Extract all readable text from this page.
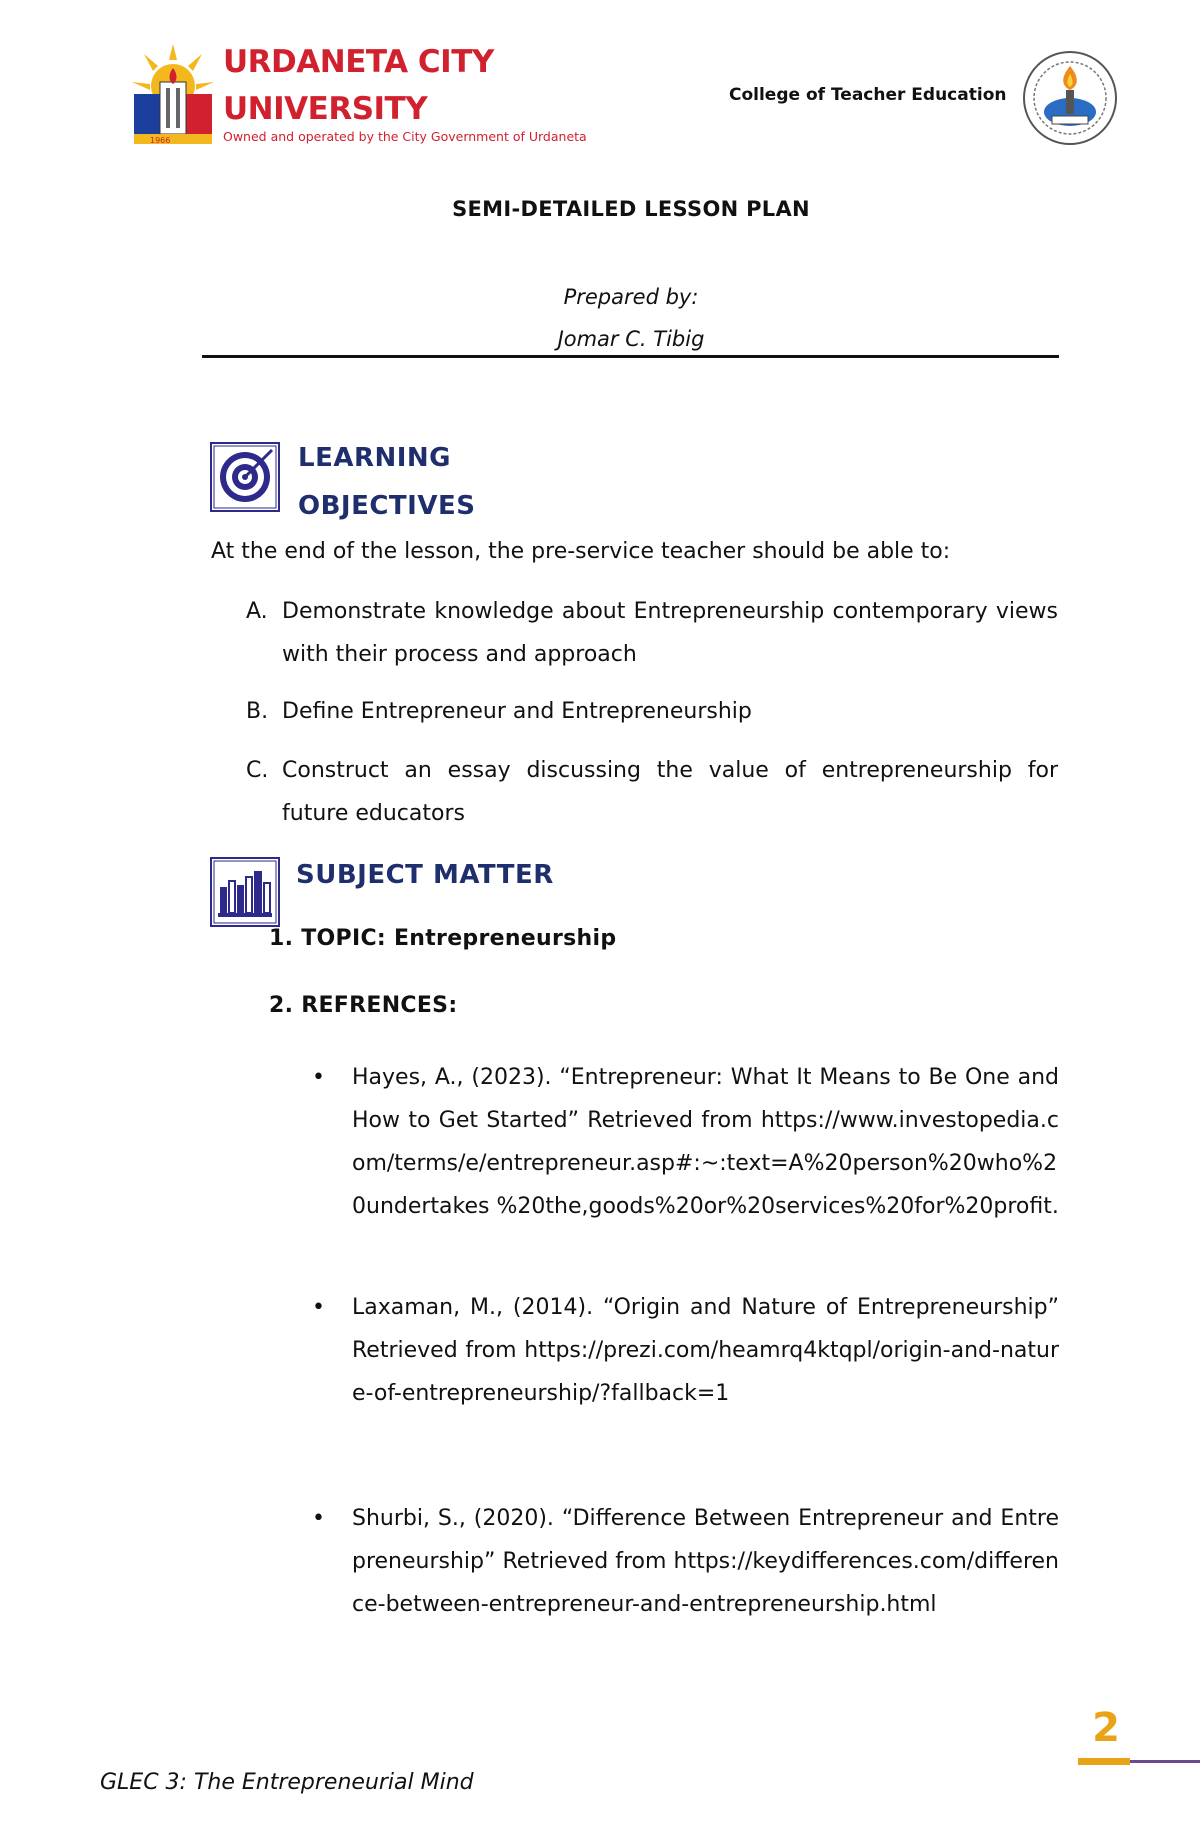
1966
URDANETA CITY
UNIVERSITY
Owned and operated by the City Government of Urdaneta
College of Teacher Education
SEMI-DETAILED LESSON PLAN
Prepared by:
Jomar C. Tibig
LEARNING
OBJECTIVES
At the end of the lesson, the pre-service teacher should be able to:
A. Demonstrate knowledge about Entrepreneurship contemporary views with their process and approach
B. Define Entrepreneur and Entrepreneurship
C. Construct an essay discussing the value of entrepreneurship for future educators
SUBJECT MATTER
1. TOPIC: Entrepreneurship
2. REFRENCES:
• Hayes, A., (2023). “Entrepreneur: What It Means to Be One and How to Get Started” Retrieved from https://www.investopedia.com/terms/e/entrepreneur.asp#:~:text=A%20person%20who%20undertakes %20the,goods%20or%20services%20for%20profit.
• Laxaman, M., (2014). “Origin and Nature of Entrepreneurship” Retrieved from https://prezi.com/heamrq4ktqpl/origin-and-nature-of-entrepreneurship/?fallback=1
• Shurbi, S., (2020). “Difference Between Entrepreneur and Entrepreneurship” Retrieved from https://keydifferences.com/difference-between-entrepreneur-and-entrepreneurship.html
2
GLEC 3: The Entrepreneurial Mind
